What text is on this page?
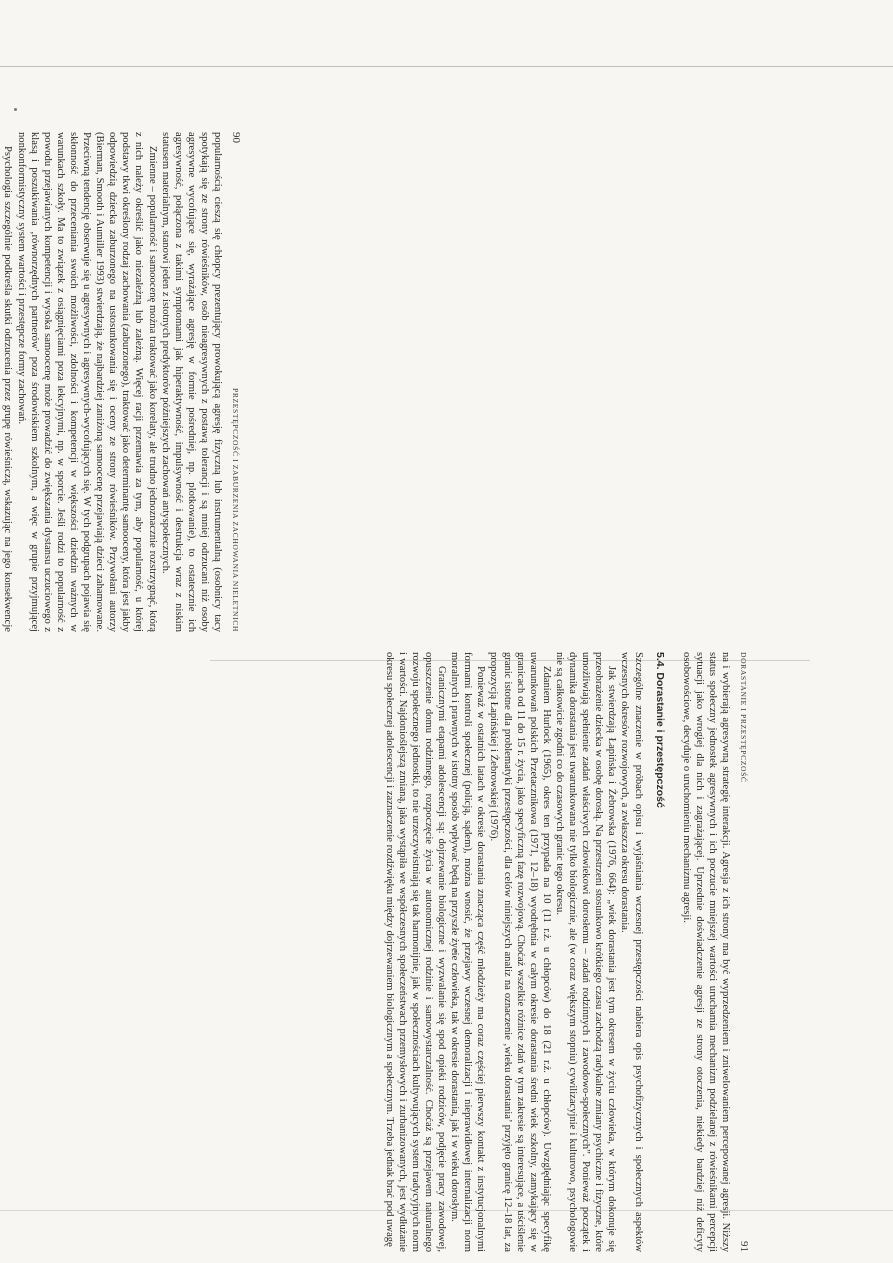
90
PRZESTĘPCZOŚĆ I ZABURZENIA ZACHOWANIA NIELETNICH

popularnością cieszą się chłopcy prezentujący prowokującą agresję fizyczną lub instrumentalną (osobnicy tacy spotykają się ze strony rówieśników, osób nieagresywnych z postawą tolerancji i są mniej odrzucani niż osoby agresywne wycofujące się, wyrażające agresję w formie pośredniej, np. plotkowanie), to ostatecznie ich agresywność, połączona z takimi symptomami jak hiperaktywność, impulsywność i destrukcja wraz z niskim statusem materialnym, stanowi jeden z istotnych predyktorów późniejszych zachowań antyspołecznych.

Zmienne – popularność i samoocenę można traktować jako korelaty, ale trudno jednoznacznie rozstrzygnąć, którą z nich należy określić jako niezależną lub zależną. Więcej racji przemawia za tym, aby popularność, u której podstawy tkwi określony rodzaj zachowania (zaburzonego), traktować jako determinantę samooceny, która jest jakby odpowiedzią dziecka zaburzonego na ustosunkowania się i oceny ze strony rówieśników. Przywołani autorzy (Bierman, Smooth i Aumiller 1993) stwierdzają, że najbardziej zaniżoną samoocenę przejawiają dzieci zahamowane. Przeciwną tendencję obserwuje się u agresywnych i agresywnych-wycofujących się. W tych podgrupach pojawia się skłonność do przeceniania swoich możliwości, zdolności i kompetencji w większości dziedzin ważnych w warunkach szkoły. Ma to związek z osiągnięciami poza lekcyjnymi, np. w sporcie. Jeśli rodzi to popularność z powodu przejawianych kompetencji i wysoka samoocenę może prowadzić do zwiększania dystansu uczuciowego z klasą i poszukiwania ‚równorzędnych partnerów’ poza środowiskiem szkolnym, a więc w grupie przyjmującej nonkonformistyczny system wartości i przestępcze formy zachowań.

Psychologia szczególnie podkreśla skutki odrzucenia przez grupę rówieśniczą, wskazując na jego konsekwencje

DORASTANIE I PRZESTĘPCZOŚĆ
91

na i wybierają agresywną strategię interakcji. Agresja z ich strony ma być wyprzedzeniem i zniwelowaniem percepowanej agresji. Niższy status społeczny jednostek agresywnych i ich poczucie mniejszej wartości uruchamia mechanizm podzielanej z rówieśnikami percepcji sytuacji jako wrogiej dla nich i zagrażającej. Uprzednie doświadczenie agresji ze strony otoczenia, niekiedy bardziej niż deficyty osobowościowe, decyduje o uruchomieniu mechanizmu agresji.

5.4. Dorastanie i przestępczość

Szczególne znaczenie w próbach opisu i wyjaśniania wczesnej przestępczości nabiera opis psychofizycznych i społecznych aspektów wczesnych okresów rozwojowych, a zwłaszcza okresu dorastania.

Jak stwierdzają Łapińska i Żebrowska (1976, 664): „wiek dorastania jest tym okresem w życiu człowieka, w którym dokonuje się przeobrażenie dziecka w osobę dorosłą. Na przestrzeni stosunkowo krótkiego czasu zachodzą radykalne zmiany psychiczne i fizyczne, które umożliwiają spełnienie zadań właściwych człowiekowi dorosłemu – zadań rodzinnych i zawodowo-społecznych”. Ponieważ początek i dynamika dorastania jest uwarunkowana nie tylko biologicznie, ale (w coraz większym stopniu) cywilizacyjnie i kulturowo, psychologowie nie są całkowicie zgodni co do czasowych granic tego okresu.

Zdaniem Hurlock (1965), okres ten przypada na 10 (11 r.ż. u chłopców) do 18 (21 r.ż. u chłopców). Uwzględniając specyfikę uwarunkowań polskich Przetacznikowa (1971, 12–18) wyodrębnia w całym okresie dorastania średni wiek szkolny, zamykający się w granicach od 11 do 15 r. życia, jako specyficzną fazę rozwojową. Choćaż wszelkie różnice zdań w tym zakresie są interesujące, a uściślenie granic istotne dla problematyki przestępczości, dla celów niniejszych analiz na oznaczenie ‚wieku dorastania’ przyjęto granicę 12–18 lat, za propozycją Łapińskiej i Żebrowskiej (1976).

Ponieważ w ostatnich latach w okresie dorastania znacząca część młodzieży ma coraz częściej pierwszy kontakt z instytucjonalnymi formami kontroli społecznej (policją, sądem), można wnosić, że przejawy wczesnej demoralizacji i nieprawidłowej internalizacji norm moralnych i prawnych w istotny sposób wpływać będą na przyszłe życie człowieka, tak w okresie dorastania, jak i w wieku dorosłym.

Granicznymi etapami adolescencji są: dojrzewanie biologiczne i wyzwalanie się spod opieki rodziców, podjęcie pracy zawodowej, opuszczenie domu rodzinnego, rozpoczęcie życia w autonomicznej rodzinie i samowystarczalność. Choćaż są przejawem naturalnego rozwoju społecznego jednostki, to nie urzeczywistniają się tak harmonijnie, jak w społecznościach kultywujących system tradycyjnych norm i wartości. Najdonioślejszą zmianą, jaka wystąpiła we współczesnych społeczeństwach przemysłowych i zurbanizowanych, jest wydłużanie okresu społecznej adolescencji i zaznaczenie rozdźwięku między dojrzewaniem biologicznym a społecznym. Trzeba jednak brać pod uwagę
